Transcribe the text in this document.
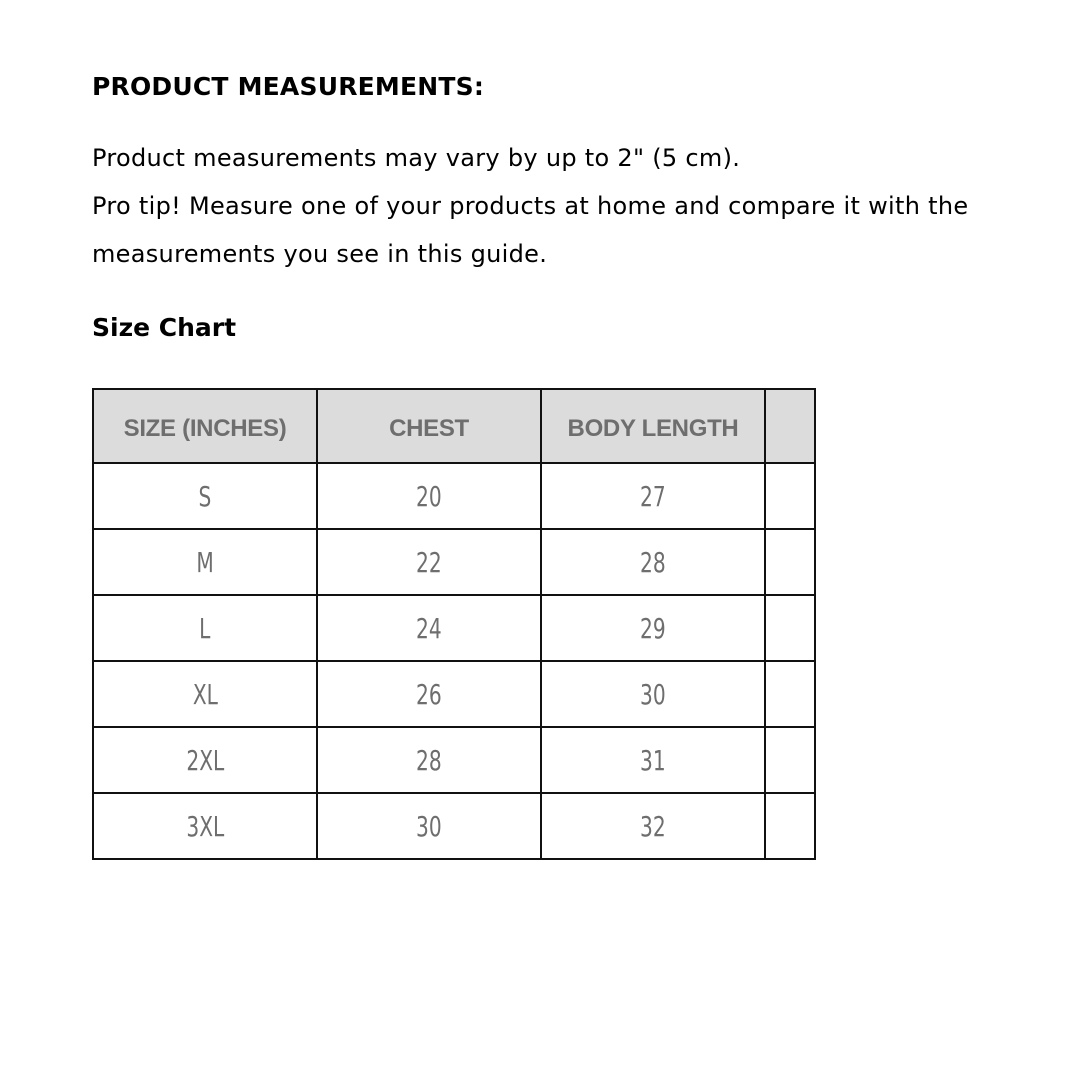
PRODUCT MEASUREMENTS:

Product measurements may vary by up to 2" (5 cm).
Pro tip! Measure one of your products at home and compare it with the
measurements you see in this guide.

Size Chart
SIZE (INCHES)	CHEST	BODY LENGTH	
S	20	27	
M	22	28	
L	24	29	
XL	26	30	
2XL	28	31	
3XL	30	32	
